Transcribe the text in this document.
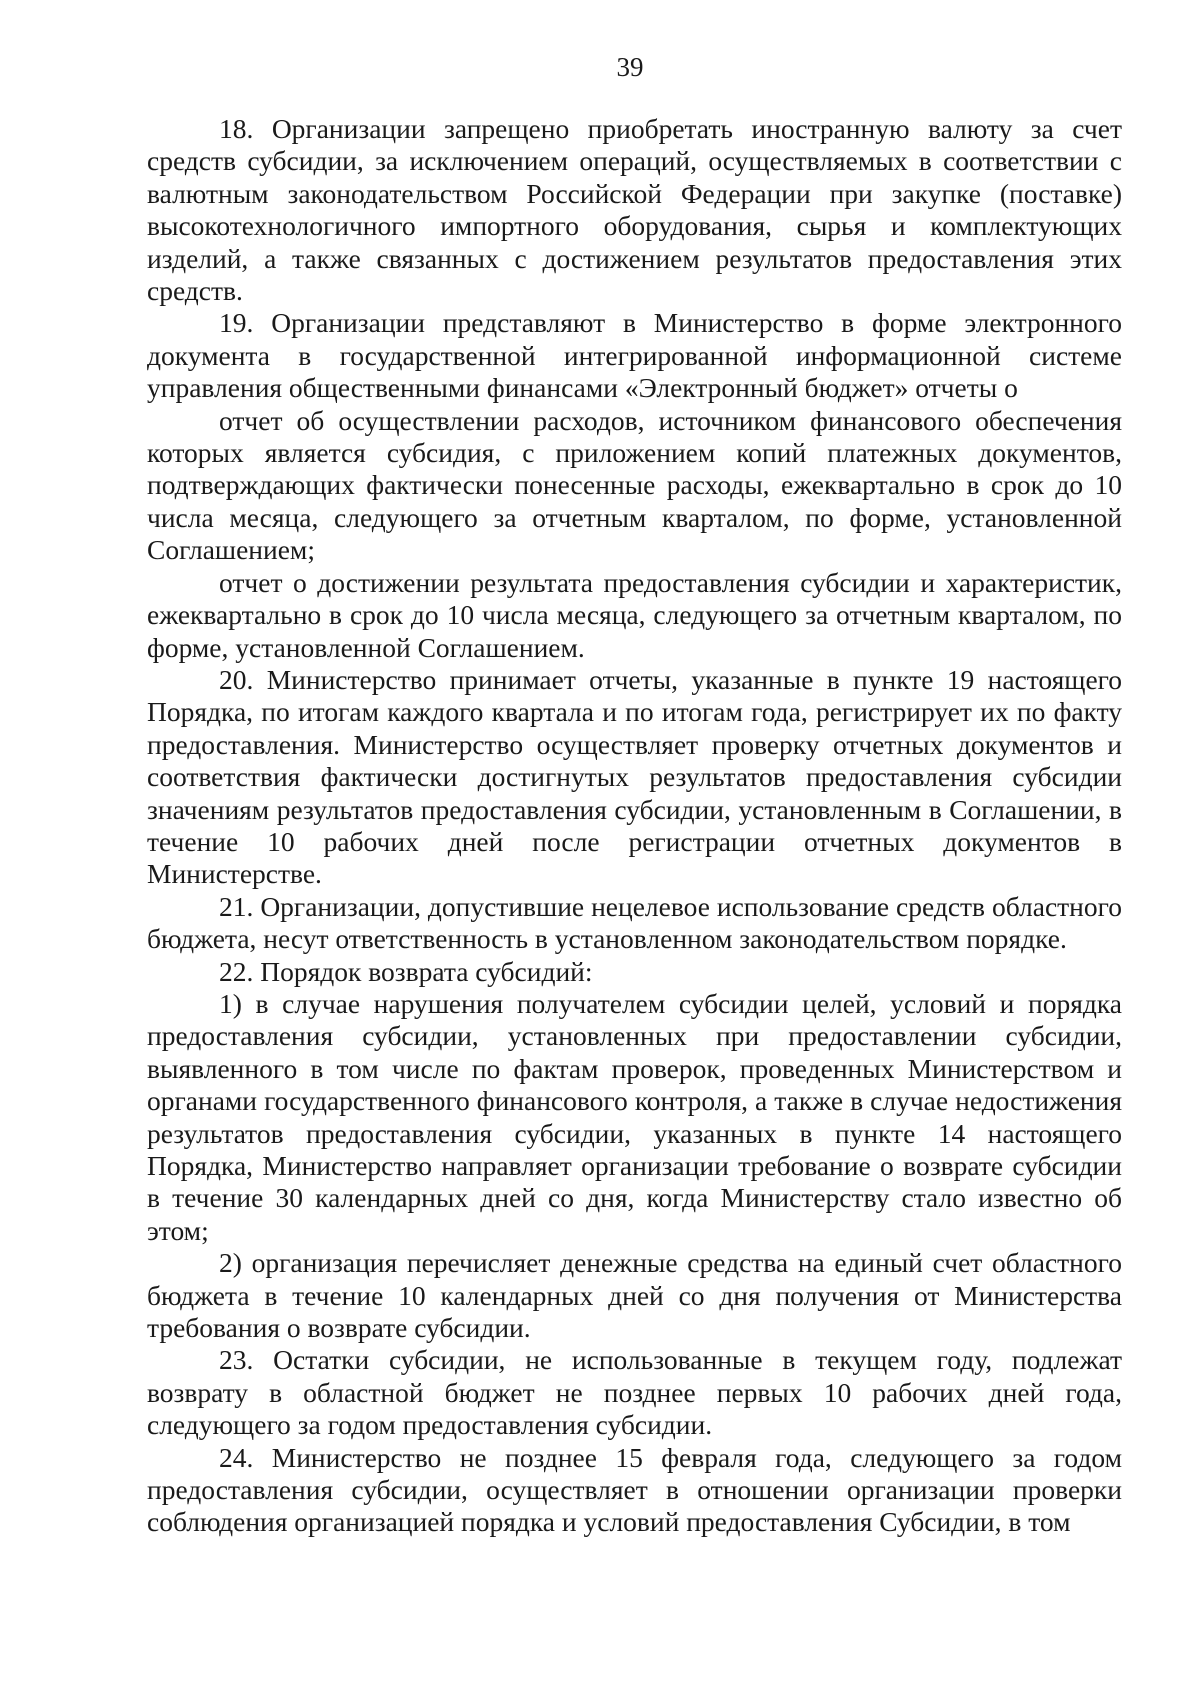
39

18. Организации запрещено приобретать иностранную валюту за счет средств субсидии, за исключением операций, осуществляемых в соответствии с валютным законодательством Российской Федерации при закупке (поставке) высокотехнологичного импортного оборудования, сырья и комплектующих изделий, а также связанных с достижением результатов предоставления этих средств.

19. Организации представляют в Министерство в форме электронного документа в государственной интегрированной информационной системе управления общественными финансами «Электронный бюджет» отчеты о

отчет об осуществлении расходов, источником финансового обеспечения которых является субсидия, с приложением копий платежных документов, подтверждающих фактически понесенные расходы, ежеквартально в срок до 10 числа месяца, следующего за отчетным кварталом, по форме, установленной Соглашением;

отчет о достижении результата предоставления субсидии и характеристик, ежеквартально в срок до 10 числа месяца, следующего за отчетным кварталом, по форме, установленной Соглашением.

20. Министерство принимает отчеты, указанные в пункте 19 настоящего Порядка, по итогам каждого квартала и по итогам года, регистрирует их по факту предоставления. Министерство осуществляет проверку отчетных документов и соответствия фактически достигнутых результатов предоставления субсидии значениям результатов предоставления субсидии, установленным в Соглашении, в течение 10 рабочих дней после регистрации отчетных документов в Министерстве.

21. Организации, допустившие нецелевое использование средств областного бюджета, несут ответственность в установленном законодательством порядке.

22. Порядок возврата субсидий:

1) в случае нарушения получателем субсидии целей, условий и порядка предоставления субсидии, установленных при предоставлении субсидии, выявленного в том числе по фактам проверок, проведенных Министерством и органами государственного финансового контроля, а также в случае недостижения результатов предоставления субсидии, указанных в пункте 14 настоящего Порядка, Министерство направляет организации требование о возврате субсидии в течение 30 календарных дней со дня, когда Министерству стало известно об этом;

2) организация перечисляет денежные средства на единый счет областного бюджета в течение 10 календарных дней со дня получения от Министерства требования о возврате субсидии.

23. Остатки субсидии, не использованные в текущем году, подлежат возврату в областной бюджет не позднее первых 10 рабочих дней года, следующего за годом предоставления субсидии.

24. Министерство не позднее 15 февраля года, следующего за годом предоставления субсидии, осуществляет в отношении организации проверки соблюдения организацией порядка и условий предоставления Субсидии, в том
